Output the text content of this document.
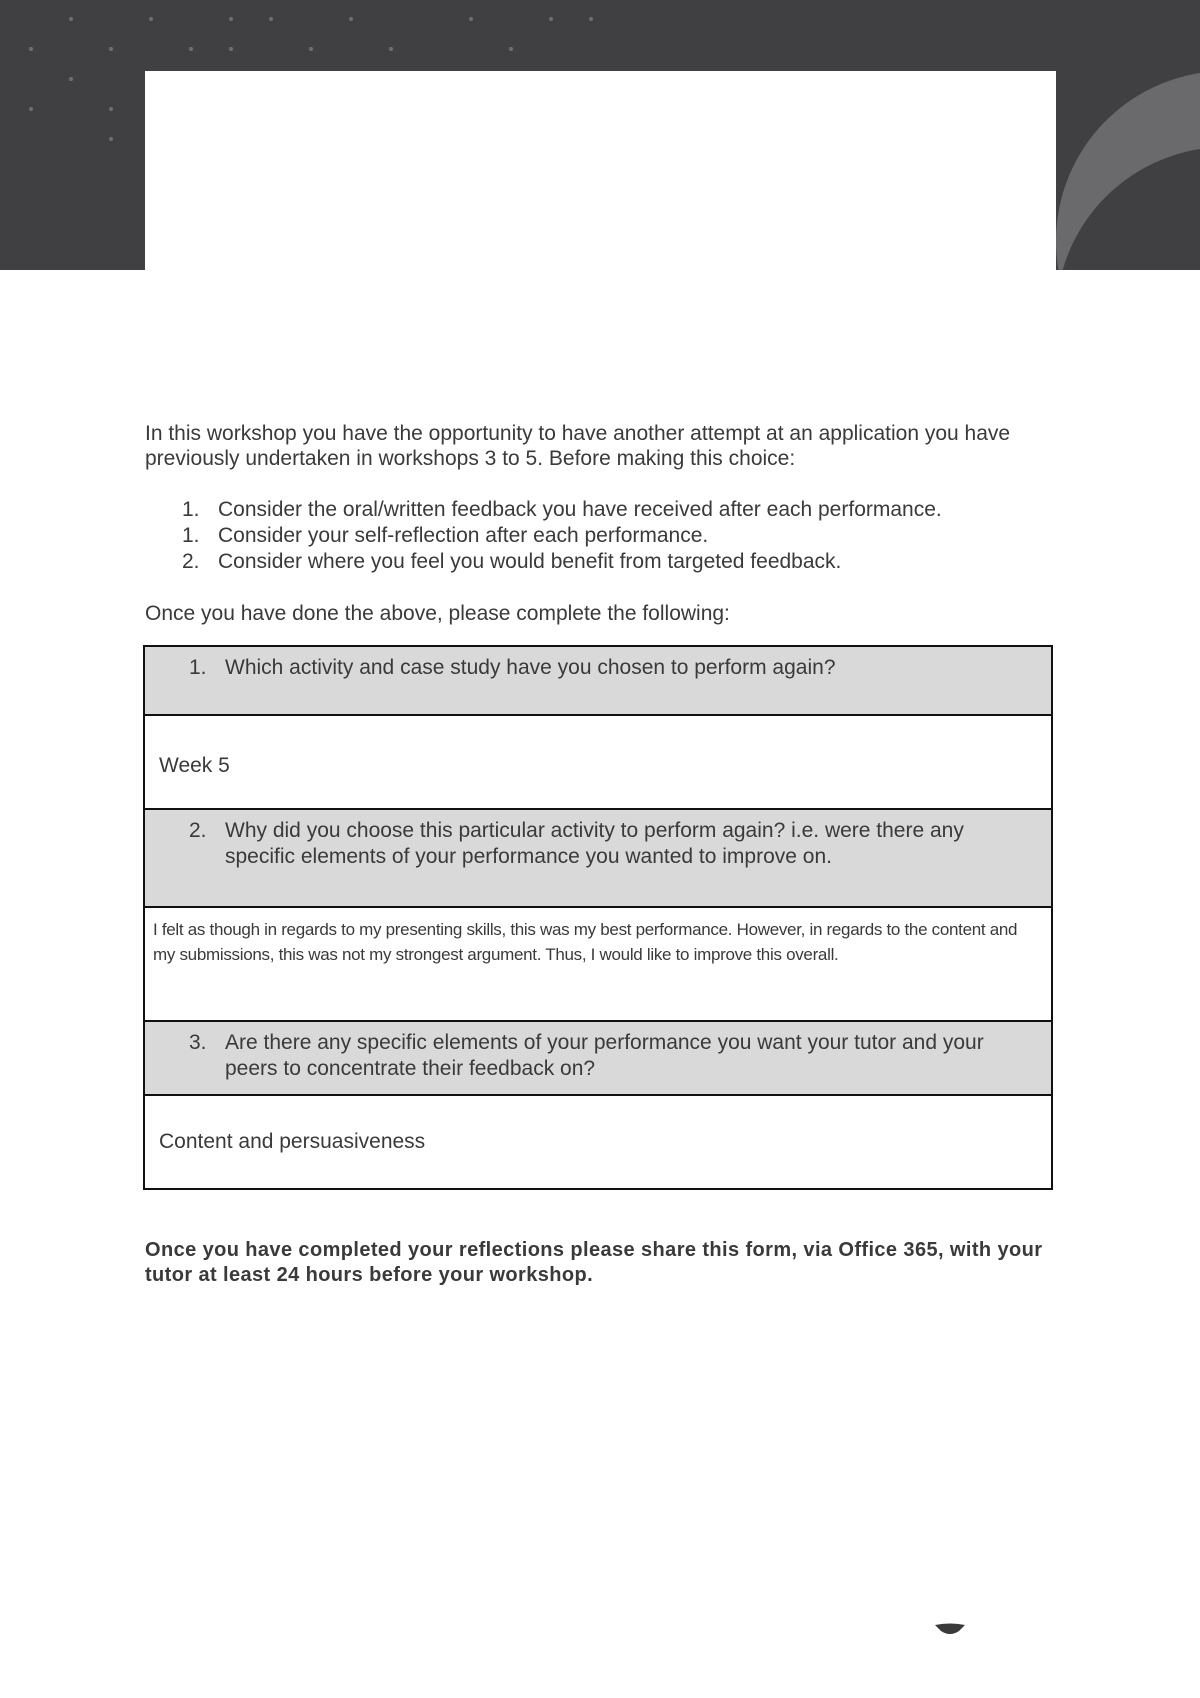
In this workshop you have the opportunity to have another attempt at an application you have previously undertaken in workshops 3 to 5. Before making this choice:

1. Consider the oral/written feedback you have received after each performance.
1. Consider your self-reflection after each performance.
2. Consider where you feel you would benefit from targeted feedback.

Once you have done the above, please complete the following:

1. Which activity and case study have you chosen to perform again?
Week 5
2. Why did you choose this particular activity to perform again? i.e. were there any specific elements of your performance you wanted to improve on.
I felt as though in regards to my presenting skills, this was my best performance. However, in regards to the content and my submissions, this was not my strongest argument. Thus, I would like to improve this overall.
3. Are there any specific elements of your performance you want your tutor and your peers to concentrate their feedback on?
Content and persuasiveness

Once you have completed your reflections please share this form, via Office 365, with your tutor at least 24 hours before your workshop.
